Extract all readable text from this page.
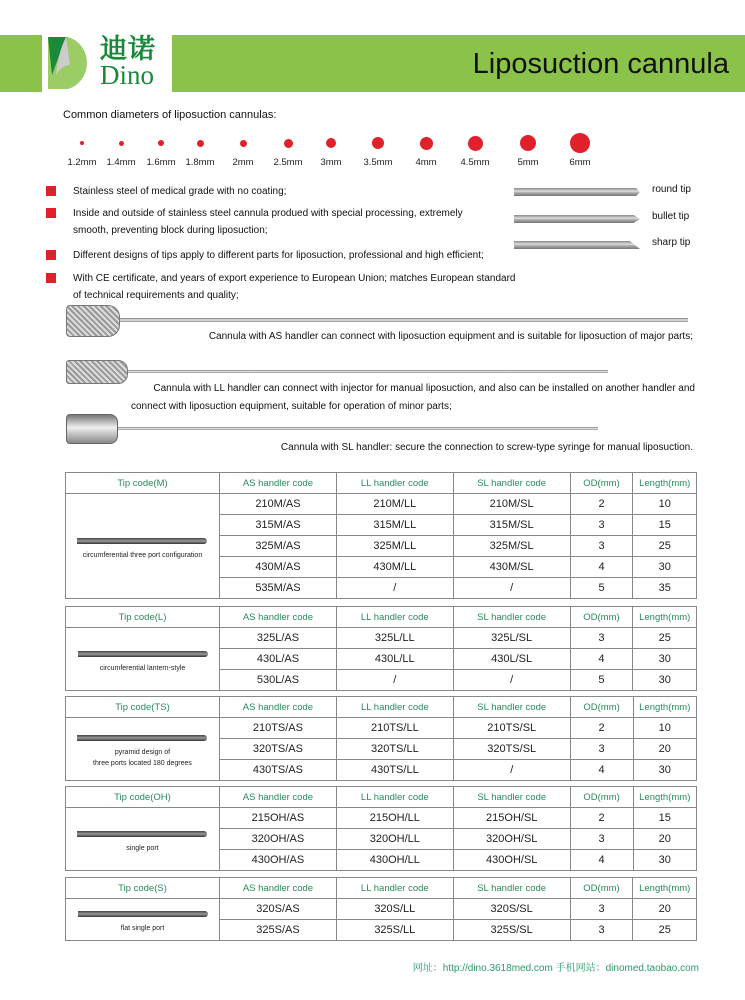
迪诺
Dino	Liposuction cannula
Common diameters of liposuction cannulas:
1.2mm	1.4mm	1.6mm	1.8mm	2mm	2.5mm	3mm	3.5mm	4mm	4.5mm	5mm	6mm
Stainless steel of medical grade with no coating;
Inside and outside of stainless steel cannula produed with special processing, extremely
smooth, preventing block during liposuction;
Different designs of tips apply to different parts for liposuction, professional and high efficient;
With CE certificate, and years of export experience to European Union; matches European standard
of technical requirements and quality;
round tip
bullet tip
sharp tip
Cannula with AS handler can connect with liposuction equipment and is suitable for liposuction of major parts;
Cannula with LL handler can connect with injector for manual liposuction, and also can be installed on another handler and
connect with liposuction equipment, suitable for operation of minor parts;
Cannula with SL handler: secure the connection to screw-type syringe for manual liposuction.
Tip code(M)	AS handler code	LL handler code	SL handler code	OD(mm)	Length(mm)

circumferential three port configuration	210M/AS	210M/LL	210M/SL	2	10
	315M/AS	315M/LL	315M/SL	3	15
	325M/AS	325M/LL	325M/SL	3	25
	430M/AS	430M/LL	430M/SL	4	30
	535M/AS	/	/	5	35
Tip code(L)	AS handler code	LL handler code	SL handler code	OD(mm)	Length(mm)

circumferential lantern-style	325L/AS	325L/LL	325L/SL	3	25
	430L/AS	430L/LL	430L/SL	4	30
	530L/AS	/	/	5	30
Tip code(TS)	AS handler code	LL handler code	SL handler code	OD(mm)	Length(mm)

pyramid design of
three ports located 180 degrees	210TS/AS	210TS/LL	210TS/SL	2	10
	320TS/AS	320TS/LL	320TS/SL	3	20
	430TS/AS	430TS/LL	/	4	30
Tip code(OH)	AS handler code	LL handler code	SL handler code	OD(mm)	Length(mm)

single port	215OH/AS	215OH/LL	215OH/SL	2	15
	320OH/AS	320OH/LL	320OH/SL	3	20
	430OH/AS	430OH/LL	430OH/SL	4	30
Tip code(S)	AS handler code	LL handler code	SL handler code	OD(mm)	Length(mm)

flat single port	320S/AS	320S/LL	320S/SL	3	20
	325S/AS	325S/LL	325S/SL	3	25
网址：http://dino.3618med.com 手机网站：dinomed.taobao.com
